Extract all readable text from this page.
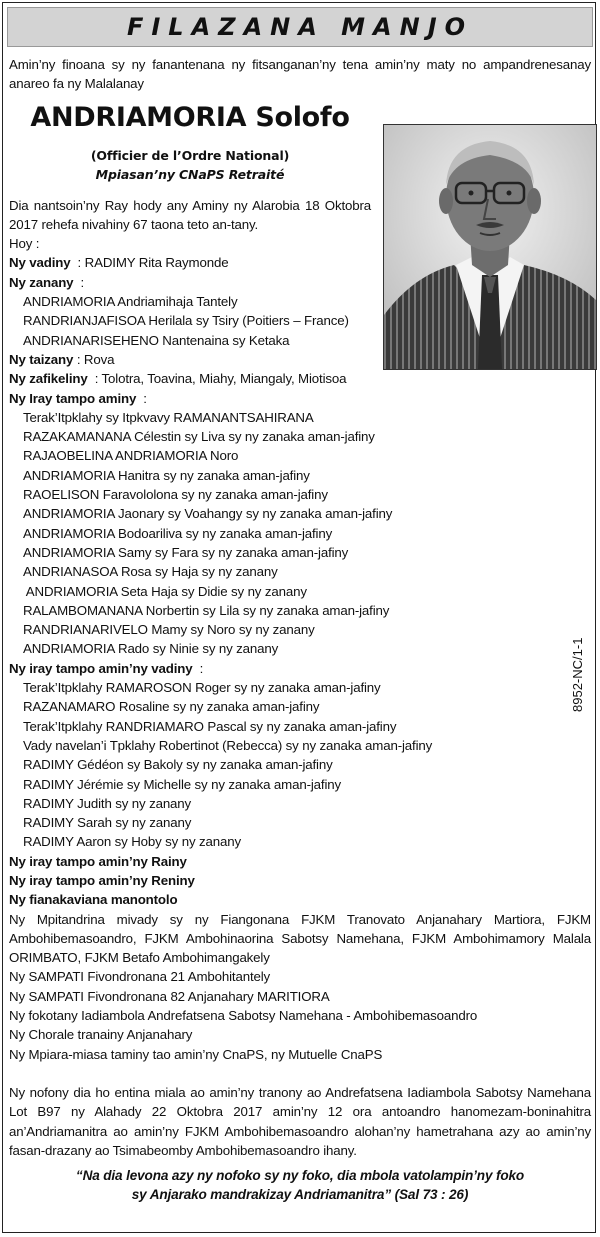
FILAZANA MANJO
Amin’ny finoana sy ny fanantenana ny fitsanganan’ny tena amin’ny maty no ampandrenesanay anareo fa ny Malalanay
ANDRIAMORIA Solofo
(Officier de l’Ordre National)
Mpiasan’ny CNaPS Retraité
Dia nantsoin’ny Ray hody any Aminy ny Alarobia 18 Oktobra 2017 rehefa nivahiny 67 taona teto an-tany.
Hoy :
Ny vadiny  : RADIMY Rita Raymonde
Ny zanany  :
ANDRIAMORIA Andriamihaja Tantely
RANDRIANJAFISOA Herilala sy Tsiry (Poitiers – France)
ANDRIANARISEHENO Nantenaina sy Ketaka
Ny taizany : Rova
Ny zafikeliny  : Tolotra, Toavina, Miahy, Miangaly, Miotisoa
Ny Iray tampo aminy  :
Terak’Itpklahy sy Itpkvavy RAMANANTSAHIRANA
RAZAKAMANANA Célestin sy Liva sy ny zanaka aman-jafiny
RAJAOBELINA ANDRIAMORIA Noro
ANDRIAMORIA Hanitra sy ny zanaka aman-jafiny
RAOELISON Faravololona sy ny zanaka aman-jafiny
ANDRIAMORIA Jaonary sy Voahangy sy ny zanaka aman-jafiny
ANDRIAMORIA Bodoariliva sy ny zanaka aman-jafiny
ANDRIAMORIA Samy sy Fara sy ny zanaka aman-jafiny
ANDRIANASOA Rosa sy Haja sy ny zanany
ANDRIAMORIA Seta Haja sy Didie sy ny zanany
RALAMBOMANANA Norbertin sy Lila sy ny zanaka aman-jafiny
RANDRIANARIVELO Mamy sy Noro sy ny zanany
ANDRIAMORIA Rado sy Ninie sy ny zanany
Ny iray tampo amin’ny vadiny  :
Terak’Itpklahy RAMAROSON Roger sy ny zanaka aman-jafiny
RAZANAMARO Rosaline sy ny zanaka aman-jafiny
Terak’Itpklahy RANDRIAMARO Pascal sy ny zanaka aman-jafiny
Vady navelan’i Tpklahy Robertinot (Rebecca) sy ny zanaka aman-jafiny
RADIMY Gédéon sy Bakoly sy ny zanaka aman-jafiny
RADIMY Jérémie sy Michelle sy ny zanaka aman-jafiny
RADIMY Judith sy ny zanany
RADIMY Sarah sy ny zanany
RADIMY Aaron sy Hoby sy ny zanany
Ny iray tampo amin’ny Rainy
Ny iray tampo amin’ny Reniny
Ny fianakaviana manontolo
Ny Mpitandrina mivady sy ny Fiangonana FJKM Tranovato Anjanahary Martiora, FJKM Ambohibemasoandro, FJKM Ambohinaorina Sabotsy Namehana, FJKM Ambohimamory Malala ORIMBATO, FJKM Betafo Ambohimangakely
Ny SAMPATI Fivondronana 21 Ambohitantely
Ny SAMPATI Fivondronana 82 Anjanahary MARITIORA
Ny fokotany Iadiambola Andrefatsena Sabotsy Namehana - Ambohibemasoandro
Ny Chorale tranainy Anjanahary
Ny Mpiara-miasa taminy tao amin’ny CnaPS, ny Mutuelle CnaPS
Ny nofony dia ho entina miala ao amin’ny tranony ao Andrefatsena Iadiambola Sabotsy Namehana Lot B97 ny Alahady 22 Oktobra 2017 amin’ny 12 ora antoandro hanomezam-boninahitra an’Andriamanitra ao amin’ny FJKM Ambohibemasoandro alohan’ny hametrahana azy ao amin’ny fasan-drazany ao Tsimabeomby Ambohibemasoandro ihany.
“Na dia levona azy ny nofoko sy ny foko, dia mbola vatolampin’ny foko
sy Anjarako mandrakizay Andriamanitra” (Sal 73 : 26)
8952-NC/1-1
